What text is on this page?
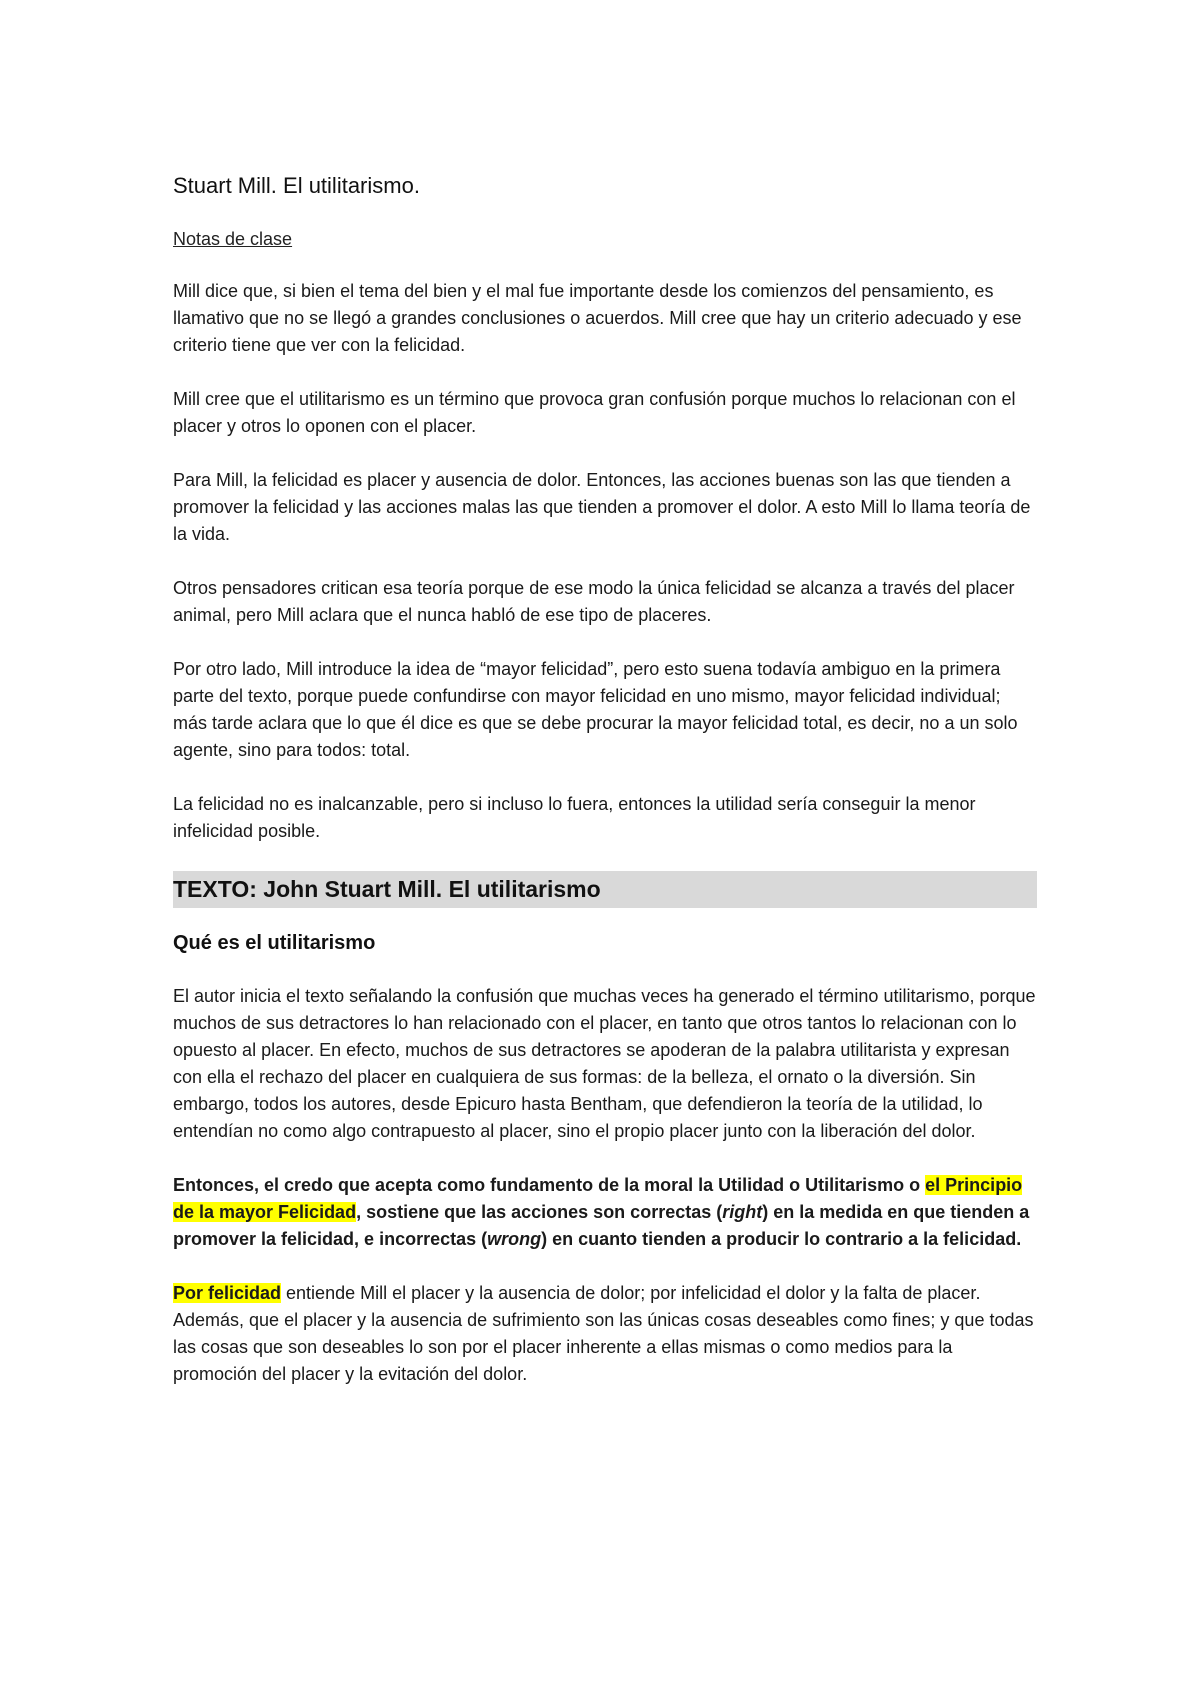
Stuart Mill. El utilitarismo.
Notas de clase

Mill dice que, si bien el tema del bien y el mal fue importante desde los comienzos del pensamiento, es llamativo que no se llegó a grandes conclusiones o acuerdos. Mill cree que hay un criterio adecuado y ese criterio tiene que ver con la felicidad.

Mill cree que el utilitarismo es un término que provoca gran confusión porque muchos lo relacionan con el placer y otros lo oponen con el placer.

Para Mill, la felicidad es placer y ausencia de dolor. Entonces, las acciones buenas son las que tienden a promover la felicidad y las acciones malas las que tienden a promover el dolor. A esto Mill lo llama teoría de la vida.

Otros pensadores critican esa teoría porque de ese modo la única felicidad se alcanza a través del placer animal, pero Mill aclara que el nunca habló de ese tipo de placeres.

Por otro lado, Mill introduce la idea de “mayor felicidad”, pero esto suena todavía ambiguo en la primera parte del texto, porque puede confundirse con mayor felicidad en uno mismo, mayor felicidad individual; más tarde aclara que lo que él dice es que se debe procurar la mayor felicidad total, es decir, no a un solo agente, sino para todos: total.

La felicidad no es inalcanzable, pero si incluso lo fuera, entonces la utilidad sería conseguir la menor infelicidad posible.

TEXTO: John Stuart Mill. El utilitarismo
Qué es el utilitarismo

El autor inicia el texto señalando la confusión que muchas veces ha generado el término utilitarismo, porque muchos de sus detractores lo han relacionado con el placer, en tanto que otros tantos lo relacionan con lo opuesto al placer. En efecto, muchos de sus detractores se apoderan de la palabra utilitarista y expresan con ella el rechazo del placer en cualquiera de sus formas: de la belleza, el ornato o la diversión. Sin embargo, todos los autores, desde Epicuro hasta Bentham, que defendieron la teoría de la utilidad, lo entendían no como algo contrapuesto al placer, sino el propio placer junto con la liberación del dolor.

Entonces, el credo que acepta como fundamento de la moral la Utilidad o Utilitarismo o el Principio de la mayor Felicidad, sostiene que las acciones son correctas (right) en la medida en que tienden a promover la felicidad, e incorrectas (wrong) en cuanto tienden a producir lo contrario a la felicidad.

Por felicidad entiende Mill el placer y la ausencia de dolor; por infelicidad el dolor y la falta de placer. Además, que el placer y la ausencia de sufrimiento son las únicas cosas deseables como fines; y que todas las cosas que son deseables lo son por el placer inherente a ellas mismas o como medios para la promoción del placer y la evitación del dolor.
